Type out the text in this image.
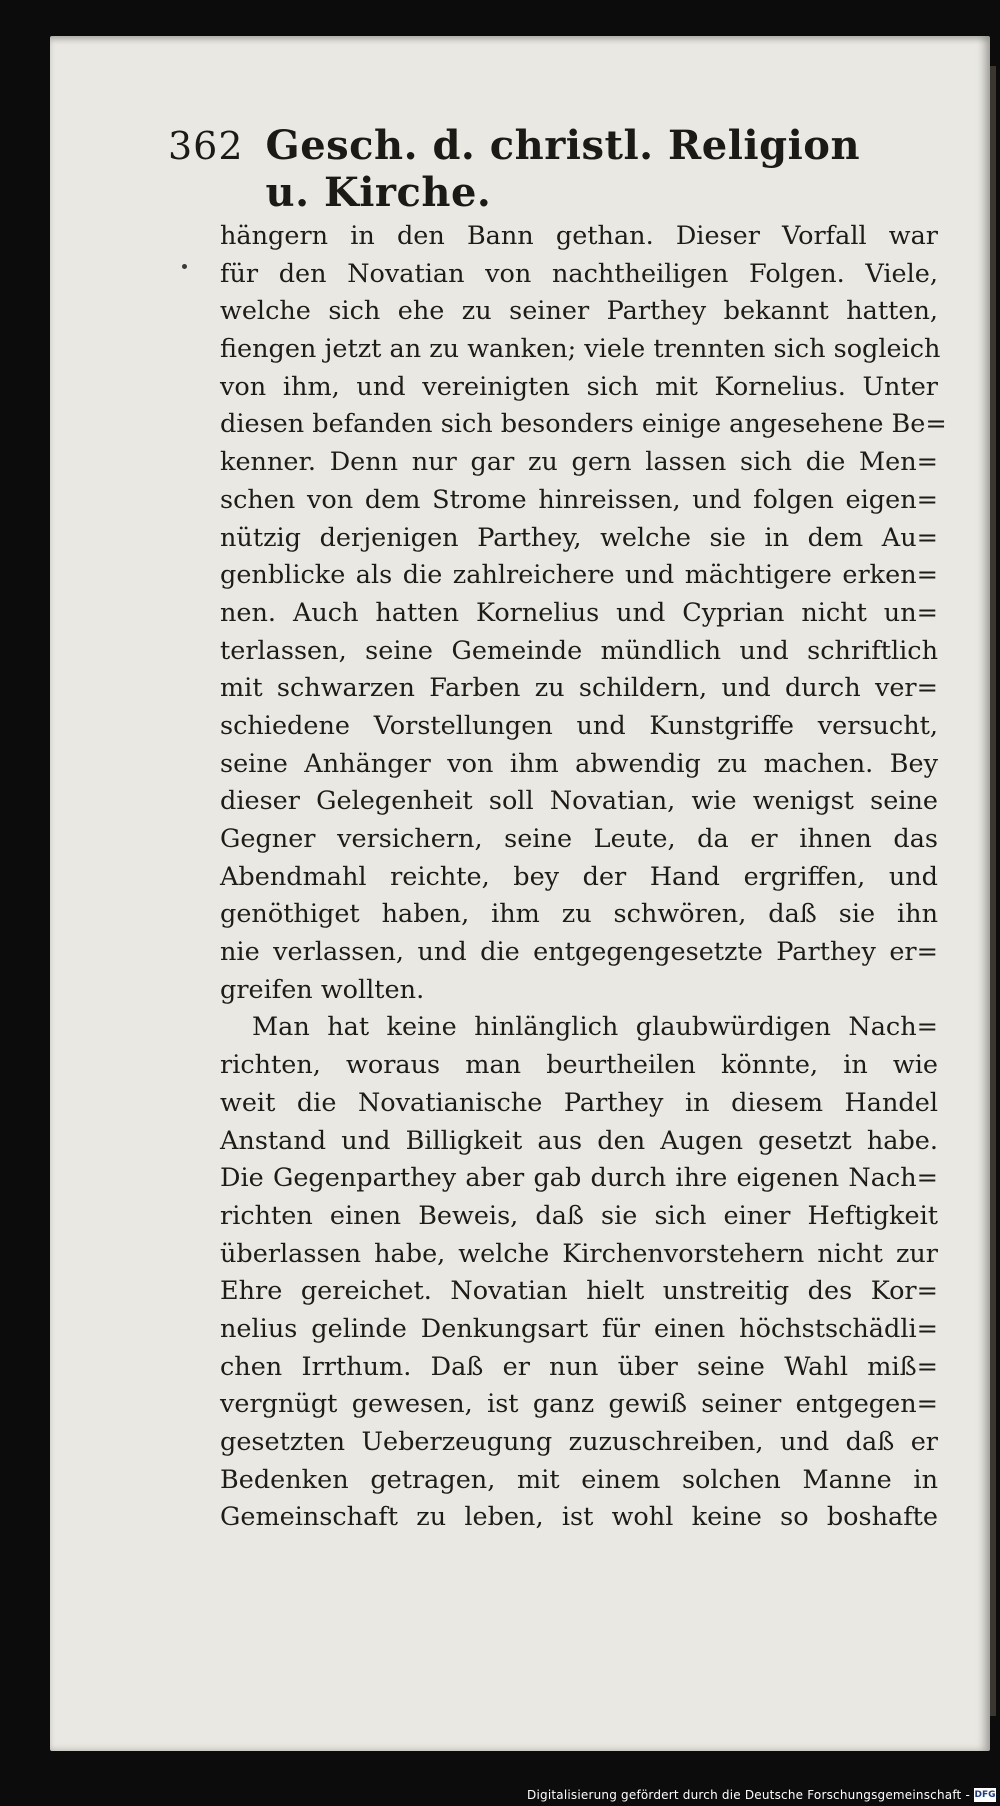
362 Gesch. d. christl. Religion u. Kirche.
hängern in den Bann gethan. Dieser Vorfall war
für den Novatian von nachtheiligen Folgen. Viele,
welche sich ehe zu seiner Parthey bekannt hatten,
fiengen jetzt an zu wanken; viele trennten sich sogleich
von ihm, und vereinigten sich mit Kornelius. Unter
diesen befanden sich besonders einige angesehene Be=
kenner. Denn nur gar zu gern lassen sich die Men=
schen von dem Strome hinreissen, und folgen eigen=
nützig derjenigen Parthey, welche sie in dem Au=
genblicke als die zahlreichere und mächtigere erken=
nen. Auch hatten Kornelius und Cyprian nicht un=
terlassen, seine Gemeinde mündlich und schriftlich
mit schwarzen Farben zu schildern, und durch ver=
schiedene Vorstellungen und Kunstgriffe versucht,
seine Anhänger von ihm abwendig zu machen. Bey
dieser Gelegenheit soll Novatian, wie wenigst seine
Gegner versichern, seine Leute, da er ihnen das
Abendmahl reichte, bey der Hand ergriffen, und
genöthiget haben, ihm zu schwören, daß sie ihn
nie verlassen, und die entgegengesetzte Parthey er=
greifen wollten.
Man hat keine hinlänglich glaubwürdigen Nach=
richten, woraus man beurtheilen könnte, in wie
weit die Novatianische Parthey in diesem Handel
Anstand und Billigkeit aus den Augen gesetzt habe.
Die Gegenparthey aber gab durch ihre eigenen Nach=
richten einen Beweis, daß sie sich einer Heftigkeit
überlassen habe, welche Kirchenvorstehern nicht zur
Ehre gereichet. Novatian hielt unstreitig des Kor=
nelius gelinde Denkungsart für einen höchstschädli=
chen Irrthum. Daß er nun über seine Wahl miß=
vergnügt gewesen, ist ganz gewiß seiner entgegen=
gesetzten Ueberzeugung zuzuschreiben, und daß er
Bedenken getragen, mit einem solchen Manne in
Gemeinschaft zu leben, ist wohl keine so boshafte
Digitalisierung gefördert durch die Deutsche Forschungsgemeinschaft - DFG
